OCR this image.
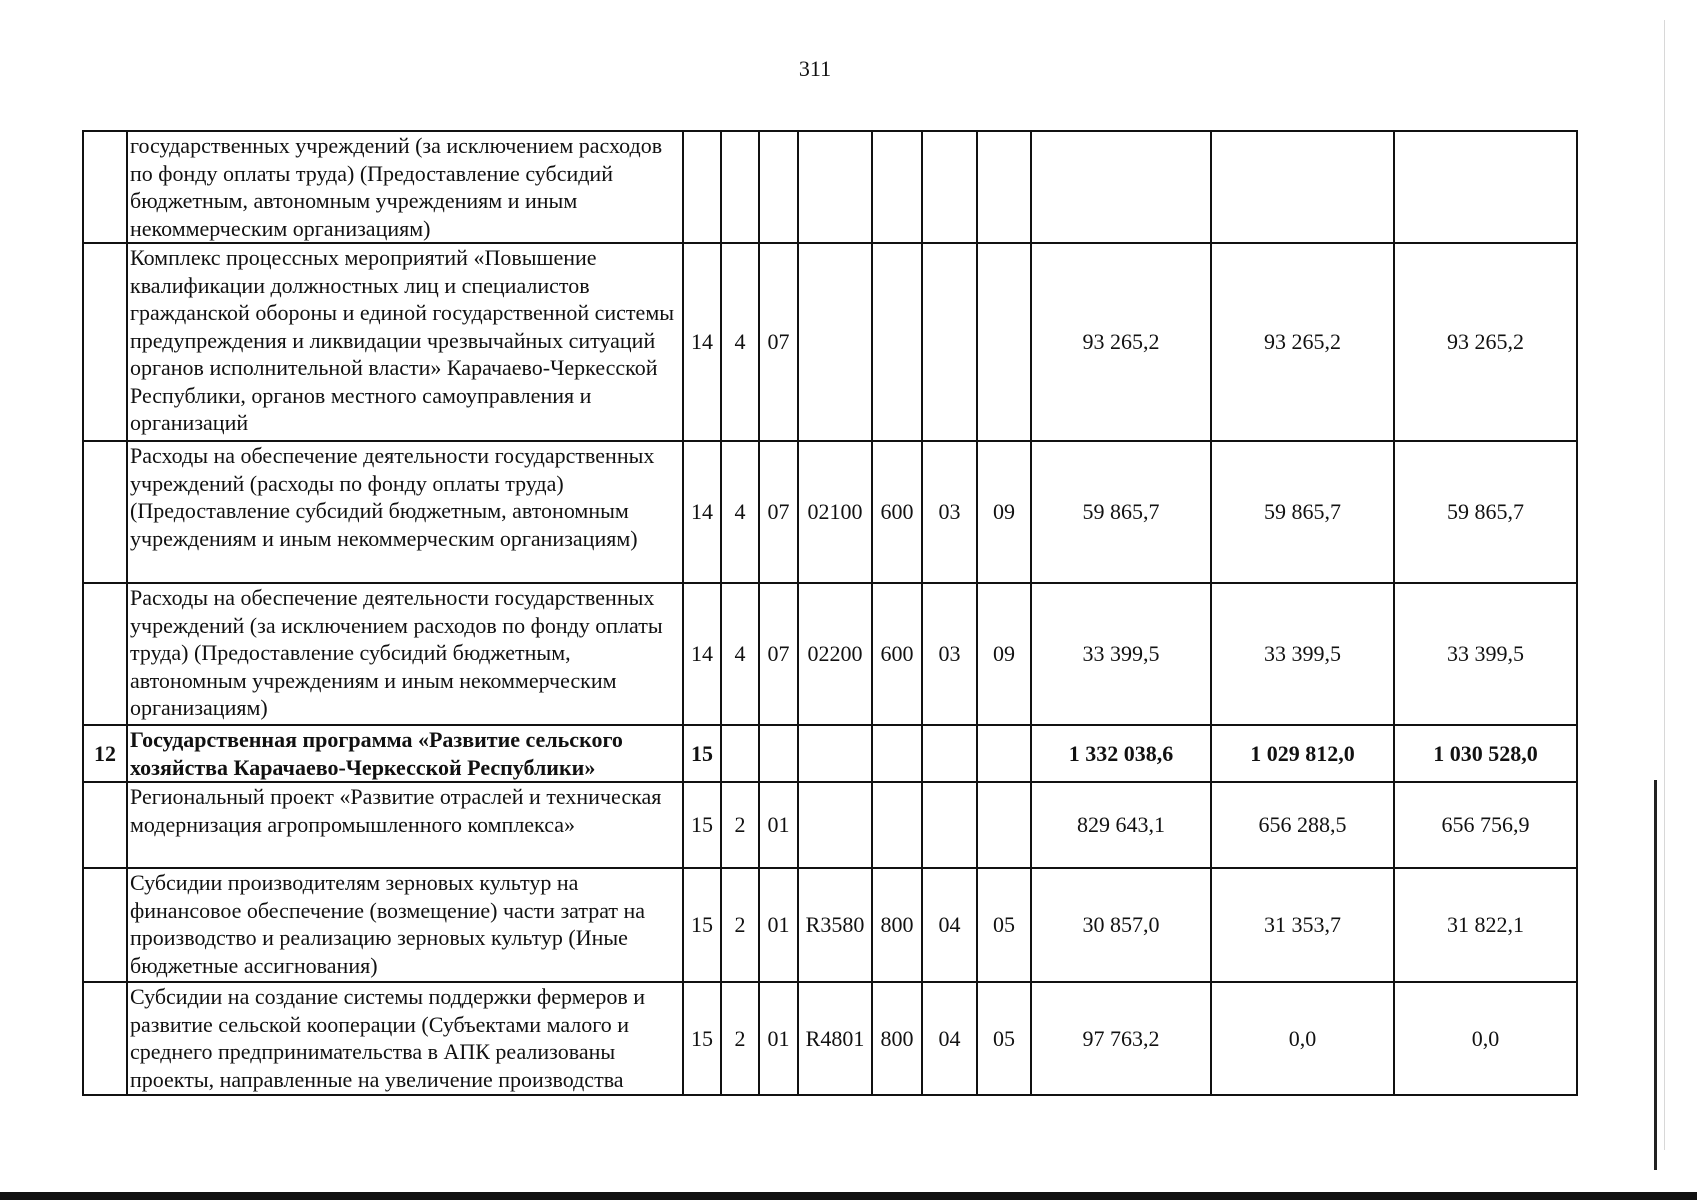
311
	государственных учреждений (за исключением расходов по фонду оплаты труда) (Предоставление субсидий бюджетным, автономным учреждениям и иным некоммерческим организациям)										
	Комплекс процессных мероприятий «Повышение квалификации должностных лиц и специалистов гражданской обороны и единой государственной системы предупреждения и ликвидации чрезвычайных ситуаций органов исполнительной власти» Карачаево-Черкесской Республики, органов местного самоуправления и организаций	14	4	07					93 265,2	93 265,2	93 265,2
	Расходы на обеспечение деятельности государственных учреждений (расходы по фонду оплаты труда) (Предоставление субсидий бюджетным, автономным учреждениям и иным некоммерческим организациям)	14	4	07	02100	600	03	09	59 865,7	59 865,7	59 865,7
	Расходы на обеспечение деятельности государственных учреждений (за исключением расходов по фонду оплаты труда) (Предоставление субсидий бюджетным, автономным учреждениям и иным некоммерческим организациям)	14	4	07	02200	600	03	09	33 399,5	33 399,5	33 399,5
12	Государственная программа «Развитие сельского хозяйства Карачаево-Черкесской Республики»	15							1 332 038,6	1 029 812,0	1 030 528,0
	Региональный проект «Развитие отраслей и техническая модернизация агропромышленного комплекса»	15	2	01					829 643,1	656 288,5	656 756,9
	Субсидии производителям зерновых культур на финансовое обеспечение (возмещение) части затрат на производство и реализацию зерновых культур (Иные бюджетные ассигнования)	15	2	01	R3580	800	04	05	30 857,0	31 353,7	31 822,1
	Субсидии на создание системы поддержки фермеров и развитие сельской кооперации (Субъектами малого и среднего предпринимательства в АПК реализованы проекты, направленные на увеличение производства	15	2	01	R4801	800	04	05	97 763,2	0,0	0,0
